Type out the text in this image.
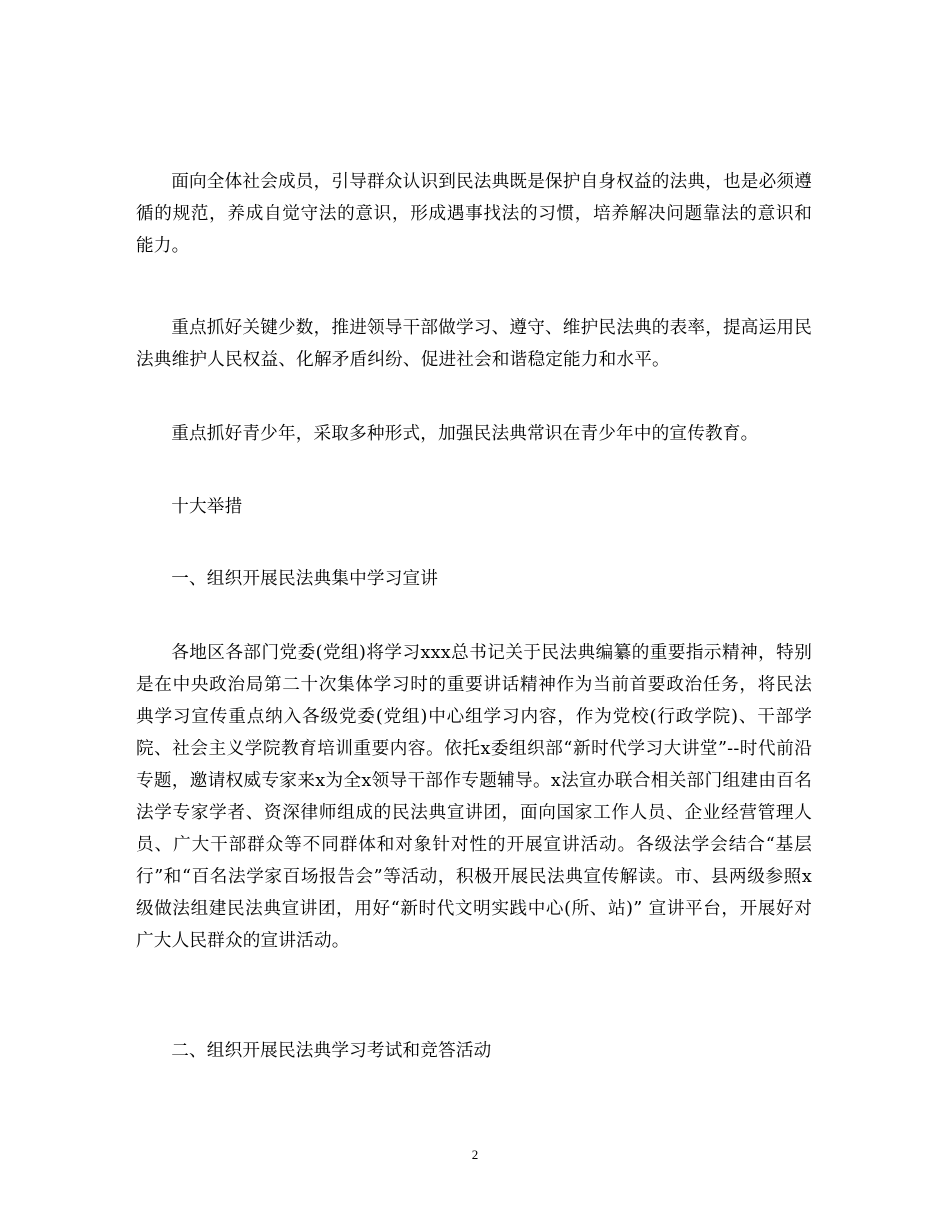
面向全体社会成员，引导群众认识到民法典既是保护自身权益的法典，也是必须遵循的规范，养成自觉守法的意识，形成遇事找法的习惯，培养解决问题靠法的意识和能力。

重点抓好关键少数，推进领导干部做学习、遵守、维护民法典的表率，提高运用民法典维护人民权益、化解矛盾纠纷、促进社会和谐稳定能力和水平。

重点抓好青少年，采取多种形式，加强民法典常识在青少年中的宣传教育。

十大举措

一、组织开展民法典集中学习宣讲

各地区各部门党委(党组)将学习xxx总书记关于民法典编纂的重要指示精神，特别是在中央政治局第二十次集体学习时的重要讲话精神作为当前首要政治任务，将民法典学习宣传重点纳入各级党委(党组)中心组学习内容，作为党校(行政学院)、干部学院、社会主义学院教育培训重要内容。依托x委组织部“新时代学习大讲堂”--时代前沿专题，邀请权威专家来x为全x领导干部作专题辅导。x法宣办联合相关部门组建由百名法学专家学者、资深律师组成的民法典宣讲团，面向国家工作人员、企业经营管理人员、广大干部群众等不同群体和对象针对性的开展宣讲活动。各级法学会结合“基层行”和“百名法学家百场报告会”等活动，积极开展民法典宣传解读。市、县两级参照x级做法组建民法典宣讲团，用好“新时代文明实践中心(所、站)” 宣讲平台，开展好对广大人民群众的宣讲活动。

二、组织开展民法典学习考试和竞答活动

2
